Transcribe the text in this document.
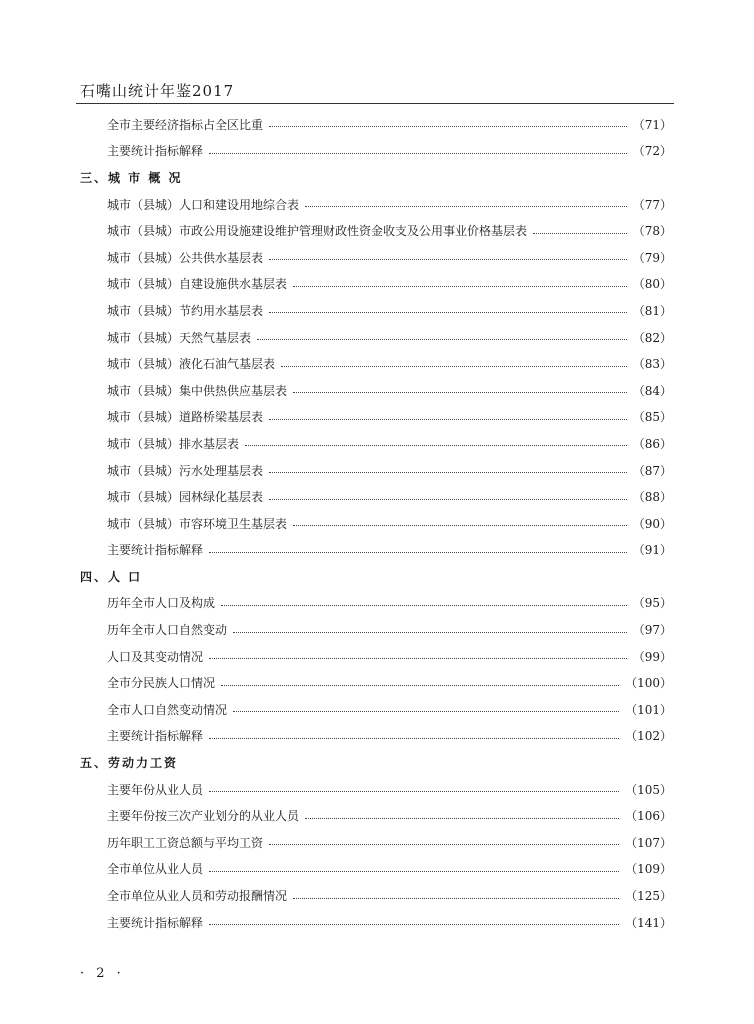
石嘴山统计年鉴2017
全市主要经济指标占全区比重	（71）
主要统计指标解释	（72）
三、城 市 概 况
城市（县城）人口和建设用地综合表	（77）
城市（县城）市政公用设施建设维护管理财政性资金收支及公用事业价格基层表	（78）
城市（县城）公共供水基层表	（79）
城市（县城）自建设施供水基层表	（80）
城市（县城）节约用水基层表	（81）
城市（县城）天然气基层表	（82）
城市（县城）液化石油气基层表	（83）
城市（县城）集中供热供应基层表	（84）
城市（县城）道路桥梁基层表	（85）
城市（县城）排水基层表	（86）
城市（县城）污水处理基层表	（87）
城市（县城）园林绿化基层表	（88）
城市（县城）市容环境卫生基层表	（90）
主要统计指标解释	（91）
四、人 口
历年全市人口及构成	（95）
历年全市人口自然变动	（97）
人口及其变动情况	（99）
全市分民族人口情况	（100）
全市人口自然变动情况	（101）
主要统计指标解释	（102）
五、劳动力工资
主要年份从业人员	（105）
主要年份按三次产业划分的从业人员	（106）
历年职工工资总额与平均工资	（107）
全市单位从业人员	（109）
全市单位从业人员和劳动报酬情况	（125）
主要统计指标解释	（141）
· 2 ·
